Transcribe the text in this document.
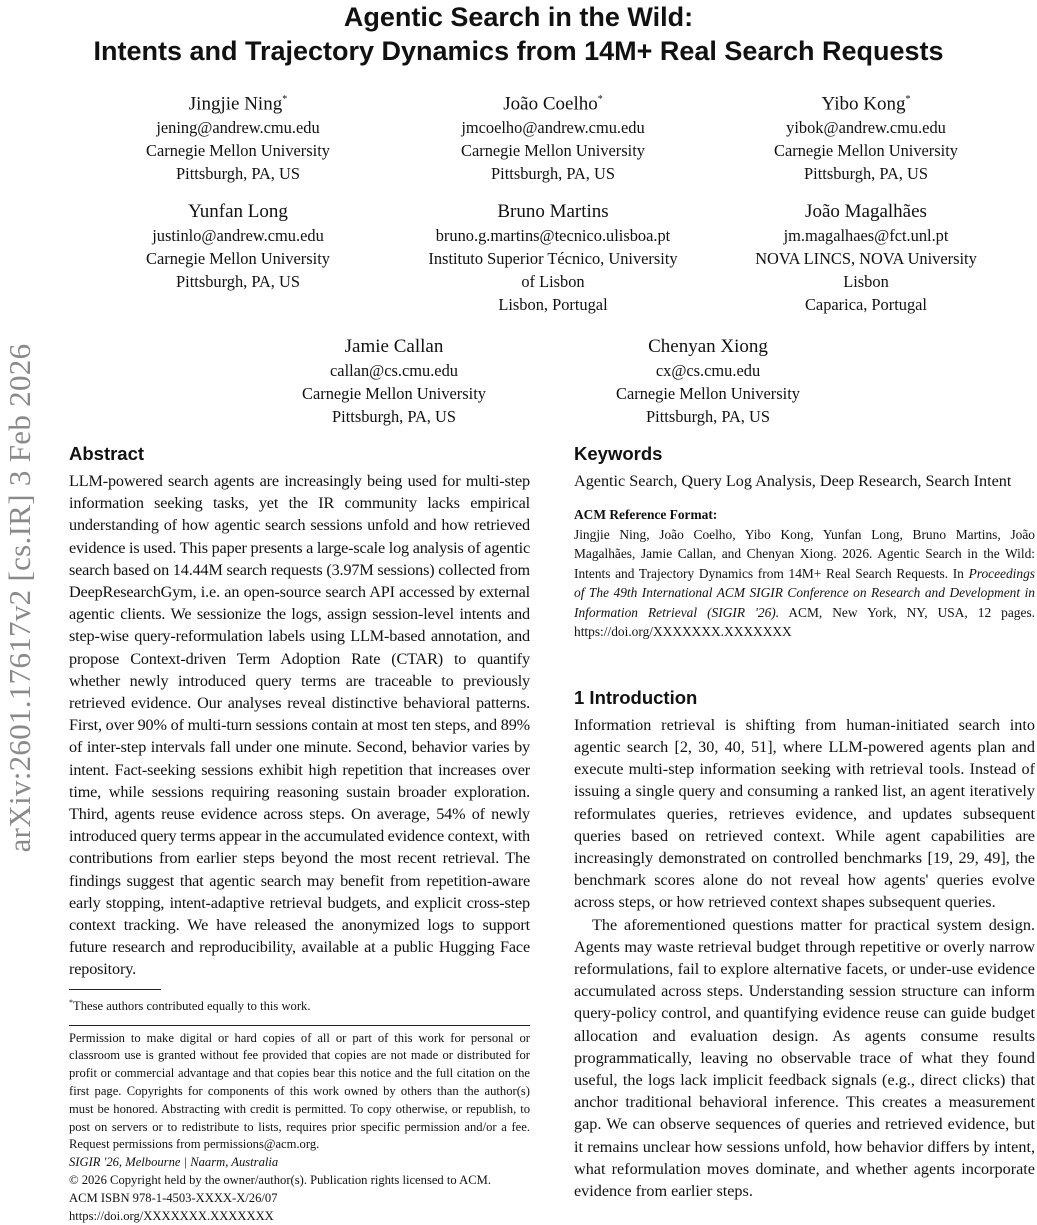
arXiv:2601.17617v2 [cs.IR] 3 Feb 2026
Agentic Search in the Wild:
Intents and Trajectory Dynamics from 14M+ Real Search Requests
Jingjie Ning*
jening@andrew.cmu.edu
Carnegie Mellon University
Pittsburgh, PA, US
João Coelho*
jmcoelho@andrew.cmu.edu
Carnegie Mellon University
Pittsburgh, PA, US
Yibo Kong*
yibok@andrew.cmu.edu
Carnegie Mellon University
Pittsburgh, PA, US
Yunfan Long
justinlo@andrew.cmu.edu
Carnegie Mellon University
Pittsburgh, PA, US
Bruno Martins
bruno.g.martins@tecnico.ulisboa.pt
Instituto Superior Técnico, University
of Lisbon
Lisbon, Portugal
João Magalhães
jm.magalhaes@fct.unl.pt
NOVA LINCS, NOVA University
Lisbon
Caparica, Portugal
Jamie Callan
callan@cs.cmu.edu
Carnegie Mellon University
Pittsburgh, PA, US
Chenyan Xiong
cx@cs.cmu.edu
Carnegie Mellon University
Pittsburgh, PA, US
Abstract

LLM-powered search agents are increasingly being used for multi-step information seeking tasks, yet the IR community lacks empirical understanding of how agentic search sessions unfold and how retrieved evidence is used. This paper presents a large-scale log analysis of agentic search based on 14.44M search requests (3.97M sessions) collected from DeepResearchGym, i.e. an open-source search API accessed by external agentic clients. We sessionize the logs, assign session-level intents and step-wise query-reformulation labels using LLM-based annotation, and propose Context-driven Term Adoption Rate (CTAR) to quantify whether newly introduced query terms are traceable to previously retrieved evidence. Our analyses reveal distinctive behavioral patterns. First, over 90% of multi-turn sessions contain at most ten steps, and 89% of inter-step intervals fall under one minute. Second, behavior varies by intent. Fact-seeking sessions exhibit high repetition that increases over time, while sessions requiring reasoning sustain broader exploration. Third, agents reuse evidence across steps. On average, 54% of newly introduced query terms appear in the accumulated evidence context, with contributions from earlier steps beyond the most recent retrieval. The findings suggest that agentic search may benefit from repetition-aware early stopping, intent-adaptive retrieval budgets, and explicit cross-step context tracking. We have released the anonymized logs to support future research and reproducibility, available at a public Hugging Face repository.

*These authors contributed equally to this work.

Permission to make digital or hard copies of all or part of this work for personal or classroom use is granted without fee provided that copies are not made or distributed for profit or commercial advantage and that copies bear this notice and the full citation on the first page. Copyrights for components of this work owned by others than the author(s) must be honored. Abstracting with credit is permitted. To copy otherwise, or republish, to post on servers or to redistribute to lists, requires prior specific permission and/or a fee. Request permissions from permissions@acm.org.

SIGIR '26, Melbourne | Naarm, Australia
© 2026 Copyright held by the owner/author(s). Publication rights licensed to ACM.
ACM ISBN 978-1-4503-XXXX-X/26/07
https://doi.org/XXXXXXX.XXXXXXX
Keywords

Agentic Search, Query Log Analysis, Deep Research, Search Intent

ACM Reference Format:

Jingjie Ning, João Coelho, Yibo Kong, Yunfan Long, Bruno Martins, João Magalhães, Jamie Callan, and Chenyan Xiong. 2026. Agentic Search in the Wild: Intents and Trajectory Dynamics from 14M+ Real Search Requests. In Proceedings of The 49th International ACM SIGIR Conference on Research and Development in Information Retrieval (SIGIR '26). ACM, New York, NY, USA, 12 pages. https://doi.org/XXXXXXX.XXXXXXX

1 Introduction

Information retrieval is shifting from human-initiated search into agentic search [2, 30, 40, 51], where LLM-powered agents plan and execute multi-step information seeking with retrieval tools. Instead of issuing a single query and consuming a ranked list, an agent iteratively reformulates queries, retrieves evidence, and updates subsequent queries based on retrieved context. While agent capabilities are increasingly demonstrated on controlled benchmarks [19, 29, 49], the benchmark scores alone do not reveal how agents' queries evolve across steps, or how retrieved context shapes subsequent queries.

The aforementioned questions matter for practical system design. Agents may waste retrieval budget through repetitive or overly narrow reformulations, fail to explore alternative facets, or under-use evidence accumulated across steps. Understanding session structure can inform query-policy control, and quantifying evidence reuse can guide budget allocation and evaluation design. As agents consume results programmatically, leaving no observable trace of what they found useful, the logs lack implicit feedback signals (e.g., direct clicks) that anchor traditional behavioral inference. This creates a measurement gap. We can observe sequences of queries and retrieved evidence, but it remains unclear how sessions unfold, how behavior differs by intent, what reformulation moves dominate, and whether agents incorporate evidence from earlier steps.
